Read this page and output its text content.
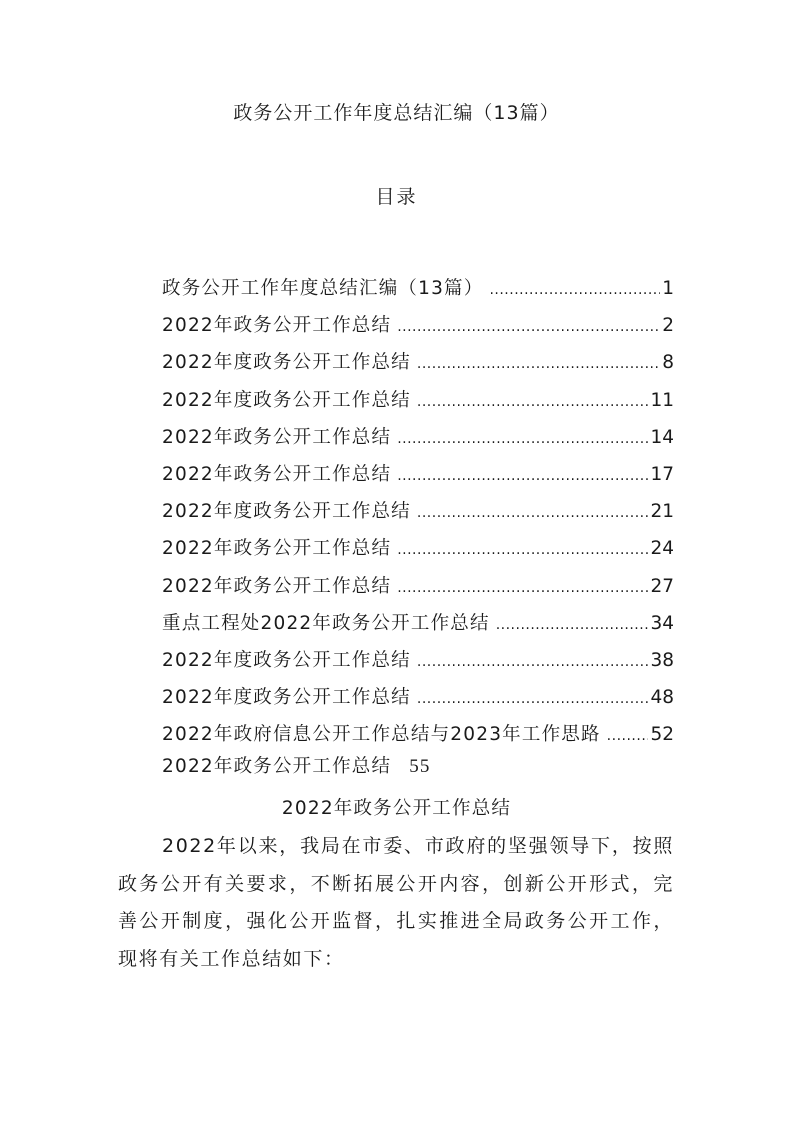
政务公开工作年度总结汇编（13篇）
目录
政务公开工作年度总结汇编（13篇） .....	1
2022年政务公开工作总结 .....	2
2022年度政务公开工作总结 .....	8
2022年度政务公开工作总结 .....	11
2022年政务公开工作总结 .....	14
2022年政务公开工作总结 .....	17
2022年度政务公开工作总结 .....	21
2022年政务公开工作总结 .....	24
2022年政务公开工作总结 .....	27
重点工程处2022年政务公开工作总结 .....	34
2022年度政务公开工作总结 .....	38
2022年度政务公开工作总结 .....	48
2022年政府信息公开工作总结与2023年工作思路 .....	52
2022年政务公开工作总结 55
2022年政务公开工作总结
2022年以来，我局在市委、市政府的坚强领导下，按照政务公开有关要求，不断拓展公开内容，创新公开形式，完善公开制度，强化公开监督，扎实推进全局政务公开工作，现将有关工作总结如下：
